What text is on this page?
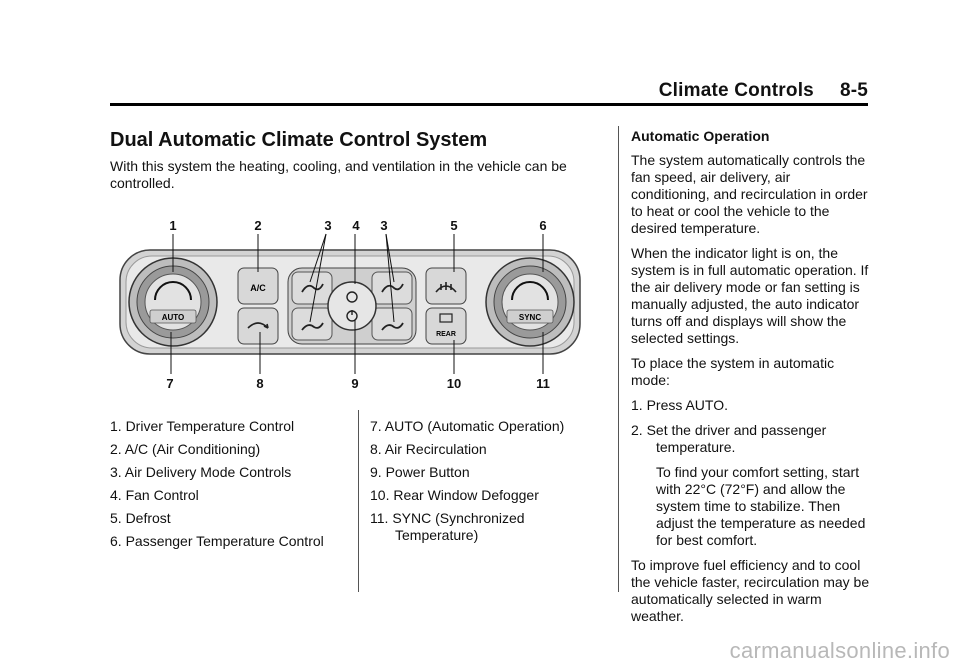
Climate Controls 8-5
Dual Automatic Climate Control System

With this system the heating, cooling, and ventilation in the vehicle can be controlled.

AUTO	SYNC
A/C
REAR
1	2	3 4 3	5	6
7	8	9	10	11
1. Driver Temperature Control
2. A/C (Air Conditioning)
3. Air Delivery Mode Controls
4. Fan Control
5. Defrost
6. Passenger Temperature Control
7. AUTO (Automatic Operation)
8. Air Recirculation
9. Power Button
10. Rear Window Defogger
11. SYNC (Synchronized Temperature)

Automatic Operation

The system automatically controls the fan speed, air delivery, air conditioning, and recirculation in order to heat or cool the vehicle to the desired temperature.

When the indicator light is on, the system is in full automatic operation. If the air delivery mode or fan setting is manually adjusted, the auto indicator turns off and displays will show the selected settings.

To place the system in automatic mode:

1. Press AUTO.

2. Set the driver and passenger temperature.

To find your comfort setting, start with 22°C (72°F) and allow the system time to stabilize. Then adjust the temperature as needed for best comfort.

To improve fuel efficiency and to cool the vehicle faster, recirculation may be automatically selected in warm weather.

carmanualsonline.info
